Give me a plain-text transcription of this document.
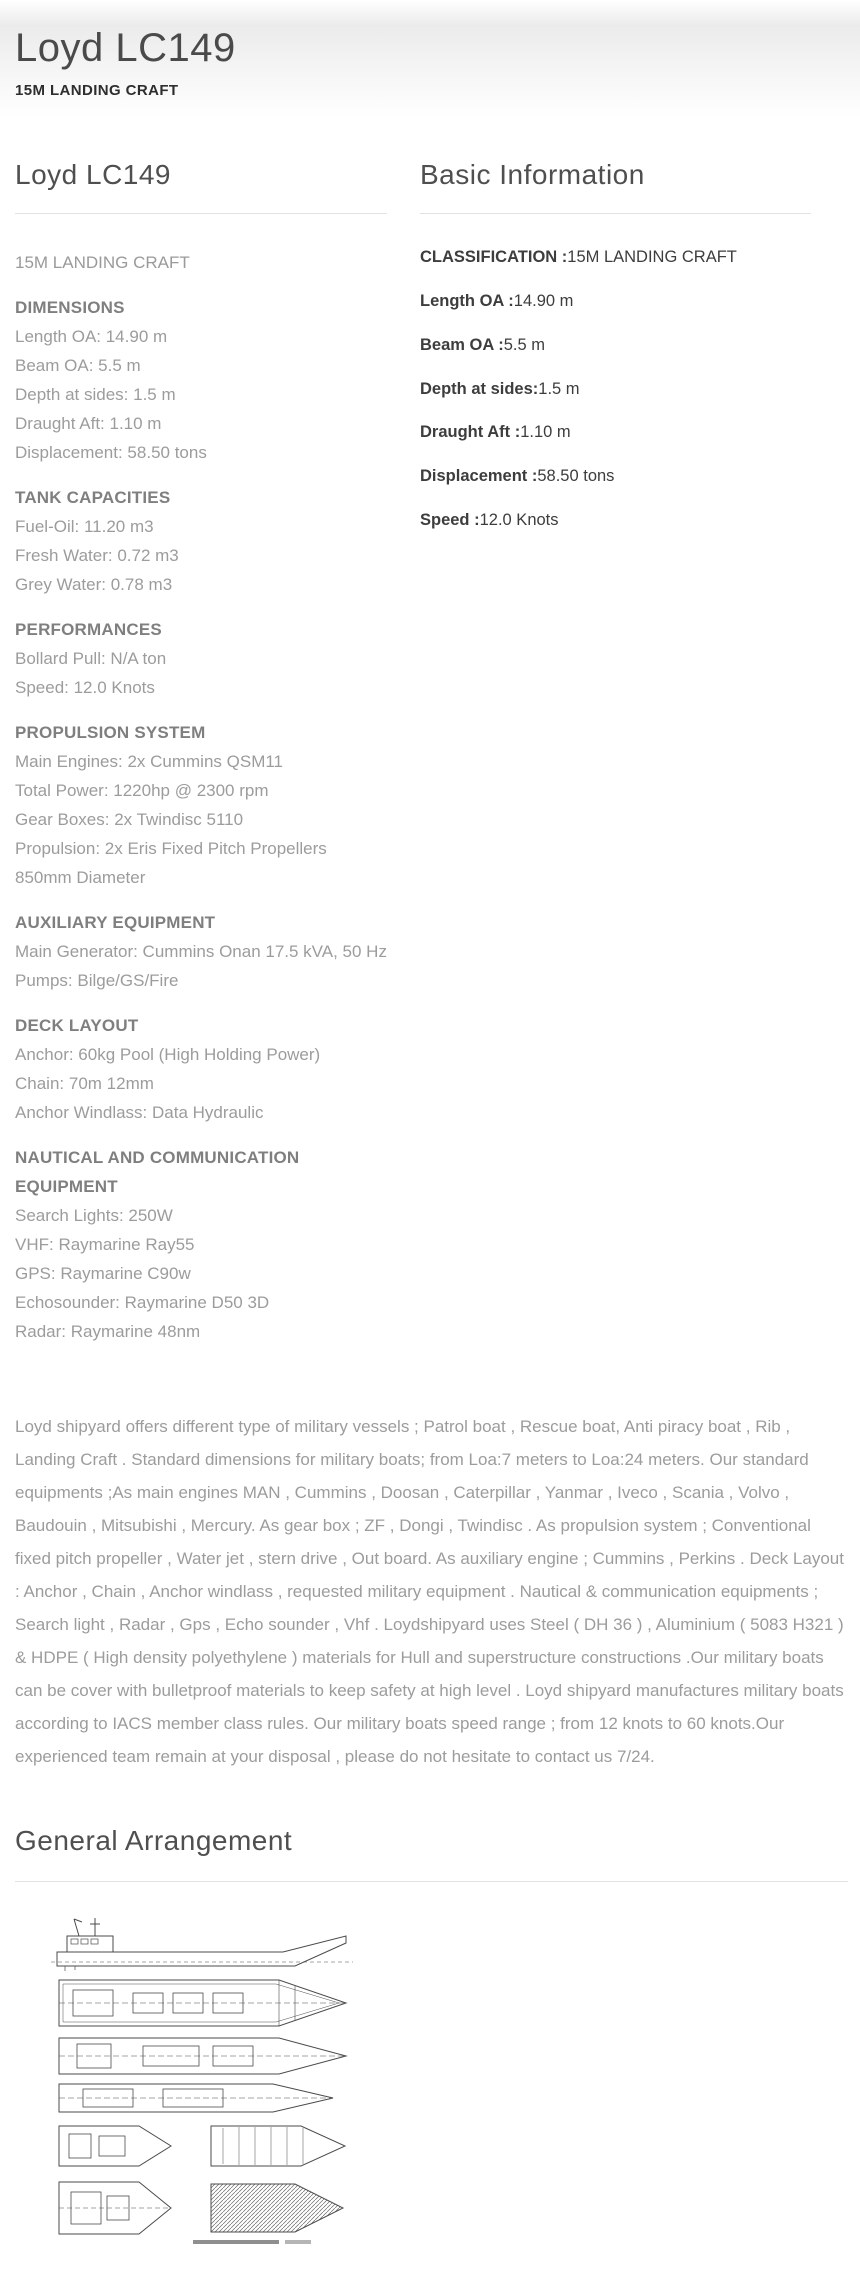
Loyd LC149
15M LANDING CRAFT
Loyd LC149
15M LANDING CRAFT
DIMENSIONS
Length OA: 14.90 m
Beam OA: 5.5 m
Depth at sides: 1.5 m
Draught Aft: 1.10 m
Displacement: 58.50 tons
TANK CAPACITIES
Fuel-Oil: 11.20 m3
Fresh Water: 0.72 m3
Grey Water: 0.78 m3
PERFORMANCES
Bollard Pull: N/A ton
Speed: 12.0 Knots
PROPULSION SYSTEM
Main Engines: 2x Cummins QSM11
Total Power: 1220hp @ 2300 rpm
Gear Boxes: 2x Twindisc 5110
Propulsion: 2x Eris Fixed Pitch Propellers 850mm Diameter
AUXILIARY EQUIPMENT
Main Generator: Cummins Onan 17.5 kVA, 50 Hz
Pumps: Bilge/GS/Fire
DECK LAYOUT
Anchor: 60kg Pool (High Holding Power)
Chain: 70m 12mm
Anchor Windlass: Data Hydraulic
NAUTICAL AND COMMUNICATION EQUIPMENT
Search Lights: 250W
VHF: Raymarine Ray55
GPS: Raymarine C90w
Echosounder: Raymarine D50 3D
Radar: Raymarine 48nm
Basic Information
CLASSIFICATION :15M LANDING CRAFT
Length OA :14.90 m
Beam OA :5.5 m
Depth at sides:1.5 m
Draught Aft :1.10 m
Displacement :58.50 tons
Speed :12.0 Knots

Loyd shipyard offers different type of military vessels ; Patrol boat , Rescue boat, Anti piracy boat , Rib , Landing Craft . Standard dimensions for military boats; from Loa:7 meters to Loa:24 meters. Our standard equipments ;As main engines MAN , Cummins , Doosan , Caterpillar , Yanmar , Iveco , Scania , Volvo , Baudouin , Mitsubishi , Mercury. As gear box ; ZF , Dongi , Twindisc . As propulsion system ; Conventional fixed pitch propeller , Water jet , stern drive , Out board. As auxiliary engine ; Cummins , Perkins . Deck Layout : Anchor , Chain , Anchor windlass , requested military equipment . Nautical & communication equipments ; Search light , Radar , Gps , Echo sounder , Vhf . Loydshipyard uses Steel ( DH 36 ) , Aluminium ( 5083 H321 ) & HDPE ( High density polyethylene ) materials for Hull and superstructure constructions .Our military boats can be cover with bulletproof materials to keep safety at high level . Loyd shipyard manufactures military boats according to IACS member class rules. Our military boats speed range ; from 12 knots to 60 knots.Our experienced team remain at your disposal , please do not hesitate to contact us 7/24.

General Arrangement
